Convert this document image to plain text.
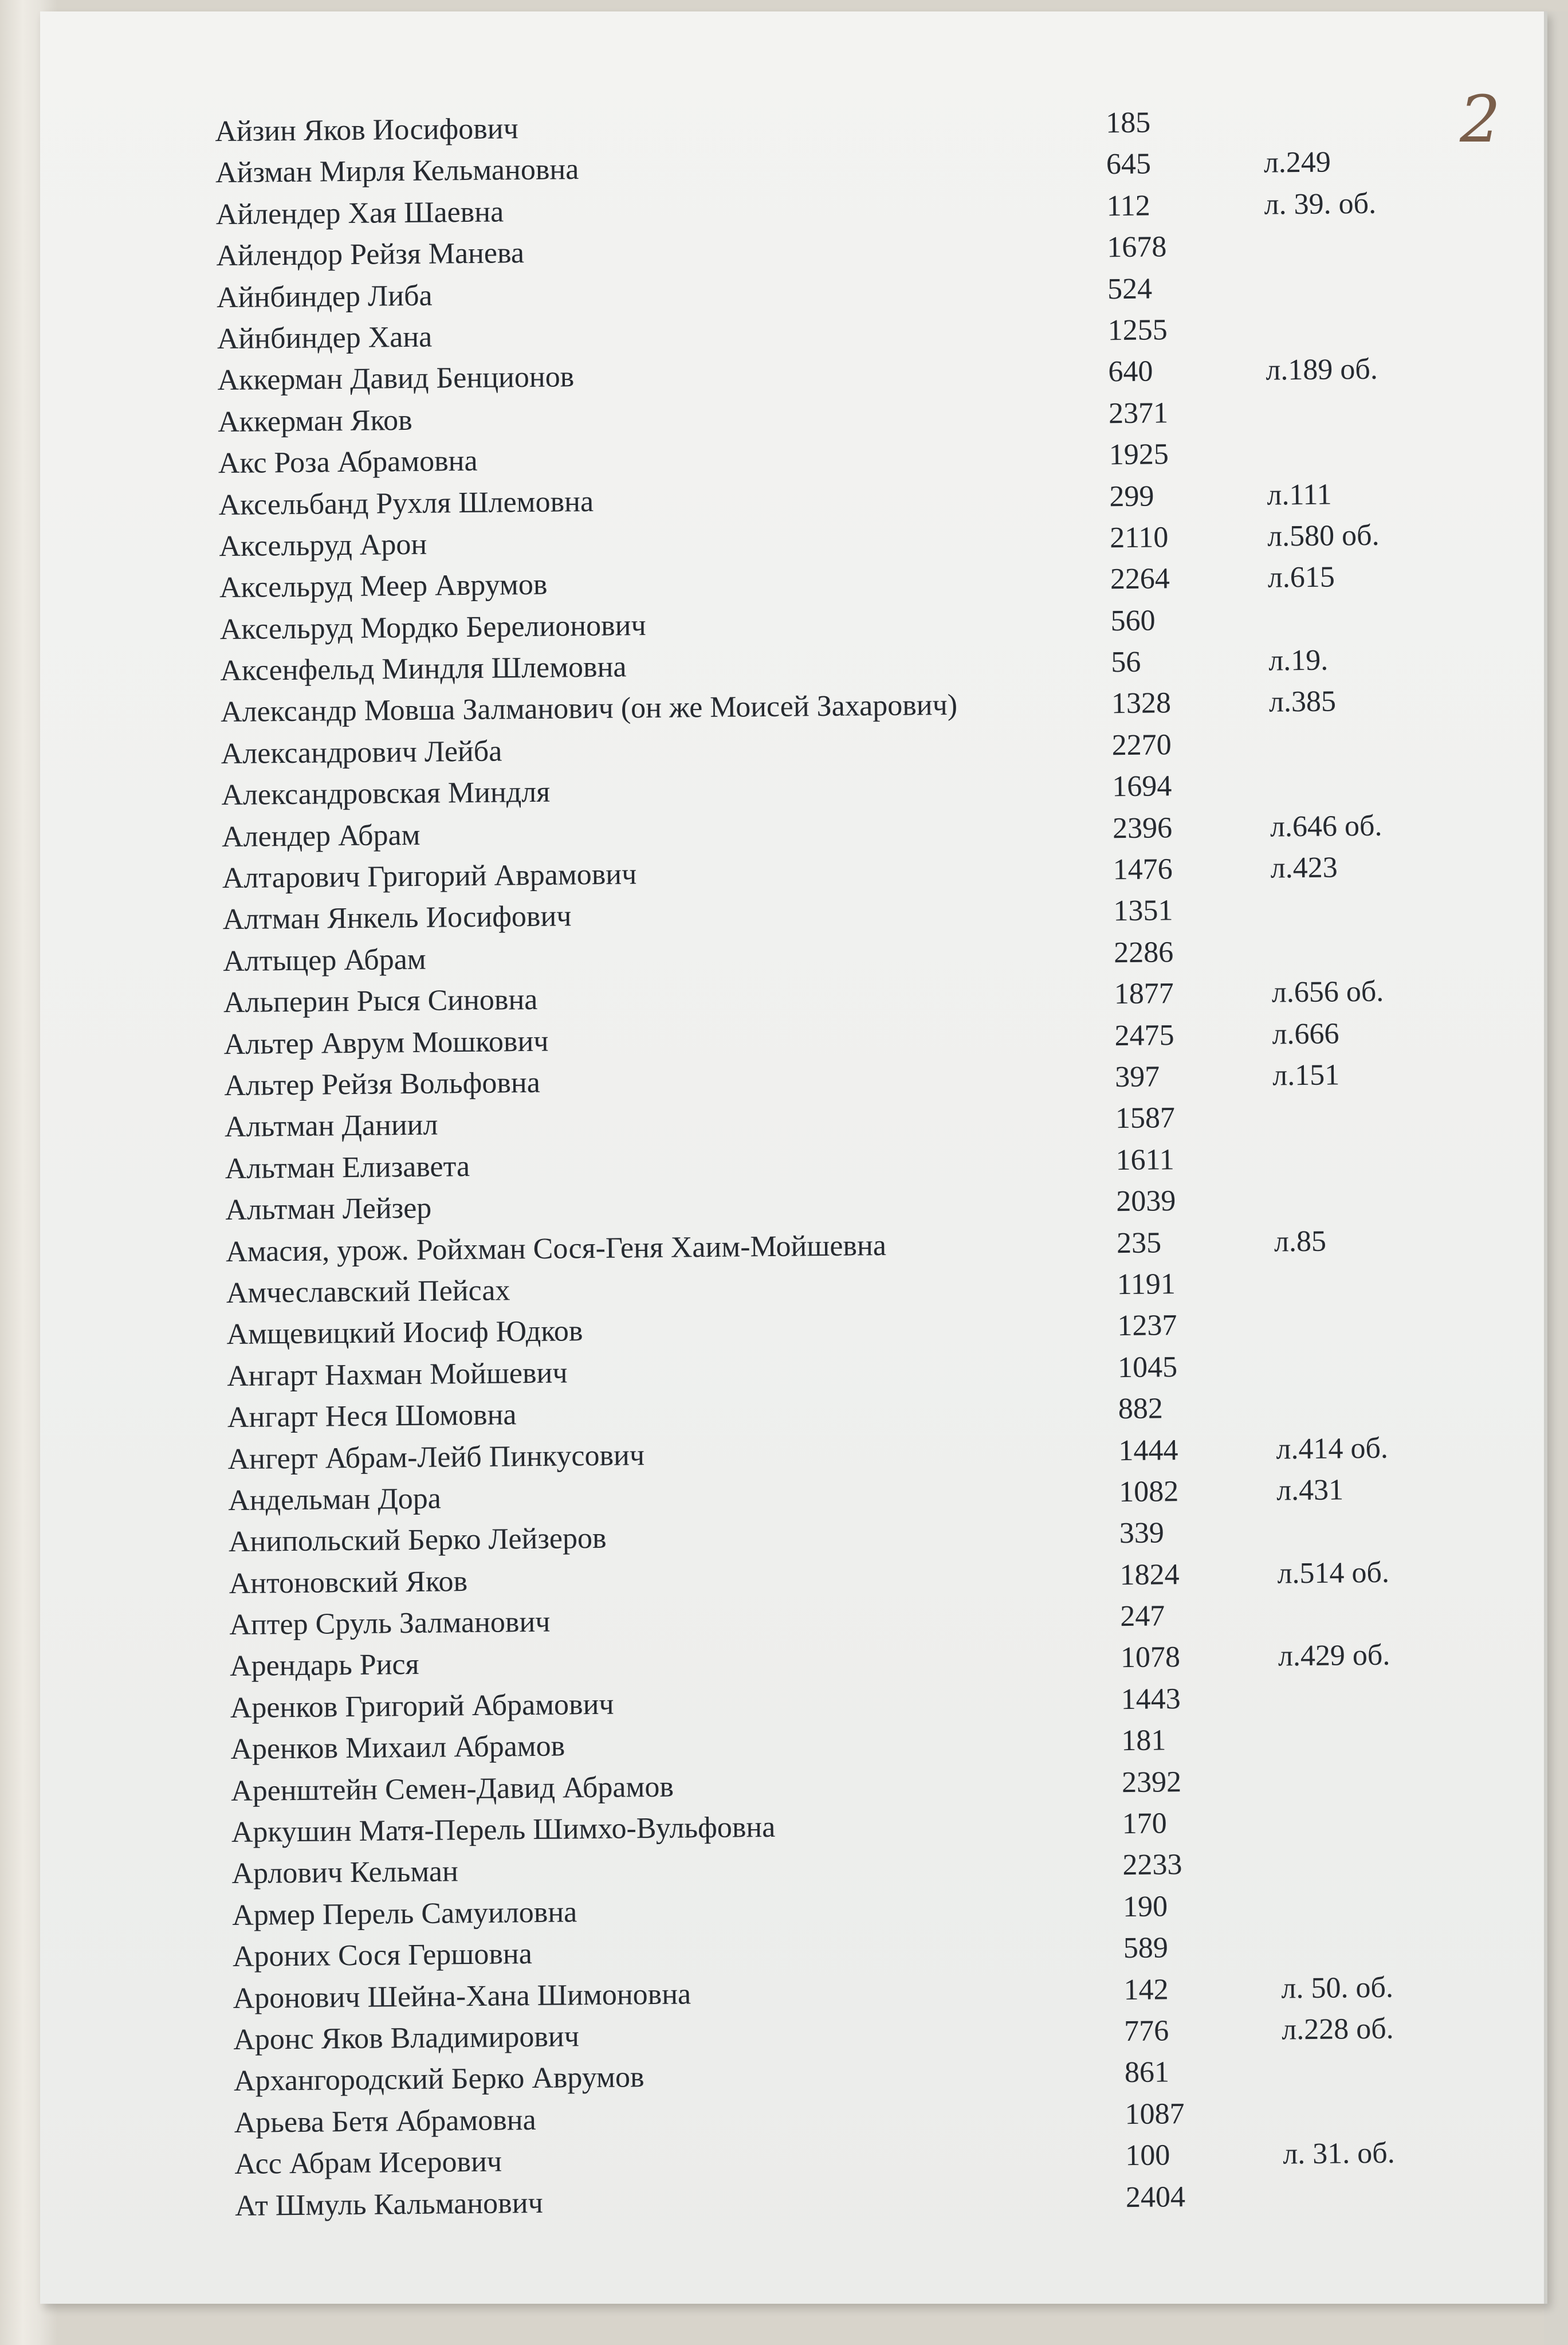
2
Айзин Яков Иосифович	185
Айзман Мирля Кельмановна	645	л.249
Айлендер Хая Шаевна	112	л. 39. об.
Айлендор Рейзя Манева	1678
Айнбиндер Либа	524
Айнбиндер Хана	1255
Аккерман Давид Бенционов	640	л.189 об.
Аккерман Яков	2371
Акс Роза Абрамовна	1925
Аксельбанд Рухля Шлемовна	299	л.111
Аксельруд Арон	2110	л.580 об.
Аксельруд Меер Аврумов	2264	л.615
Аксельруд Мордко Берелионович	560
Аксенфельд Миндля Шлемовна	56	л.19.
Александр Мовша Залманович (он же Моисей Захарович)	1328	л.385
Александрович Лейба	2270
Александровская Миндля	1694
Алендер Абрам	2396	л.646 об.
Алтарович Григорий Аврамович	1476	л.423
Алтман Янкель Иосифович	1351
Алтыцер Абрам	2286
Альперин Рыся Синовна	1877	л.656 об.
Альтер Аврум Мошкович	2475	л.666
Альтер Рейзя Вольфовна	397	л.151
Альтман Даниил	1587
Альтман Елизавета	1611
Альтман Лейзер	2039
Амасия, урож. Ройхман Сося-Геня Хаим-Мойшевна	235	л.85
Амчеславский Пейсах	1191
Амщевицкий Иосиф Юдков	1237
Ангарт Нахман Мойшевич	1045
Ангарт Неся Шомовна	882
Ангерт Абрам-Лейб Пинкусович	1444	л.414 об.
Андельман Дора	1082	л.431
Анипольский Берко Лейзеров	339
Антоновский Яков	1824	л.514 об.
Аптер Сруль Залманович	247
Арендарь Рися	1078	л.429 об.
Аренков Григорий Абрамович	1443
Аренков Михаил Абрамов	181
Аренштейн Семен-Давид Абрамов	2392
Аркушин Матя-Перель Шимхо-Вульфовна	170
Арлович Кельман	2233
Армер Перель Самуиловна	190
Ароних Сося Гершовна	589
Аронович Шейна-Хана Шимоновна	142	л. 50. об.
Аронс Яков Владимирович	776	л.228 об.
Архангородский Берко Аврумов	861
Арьева Бетя Абрамовна	1087
Асс Абрам Исерович	100	л. 31. об.
Ат Шмуль Кальманович	2404
